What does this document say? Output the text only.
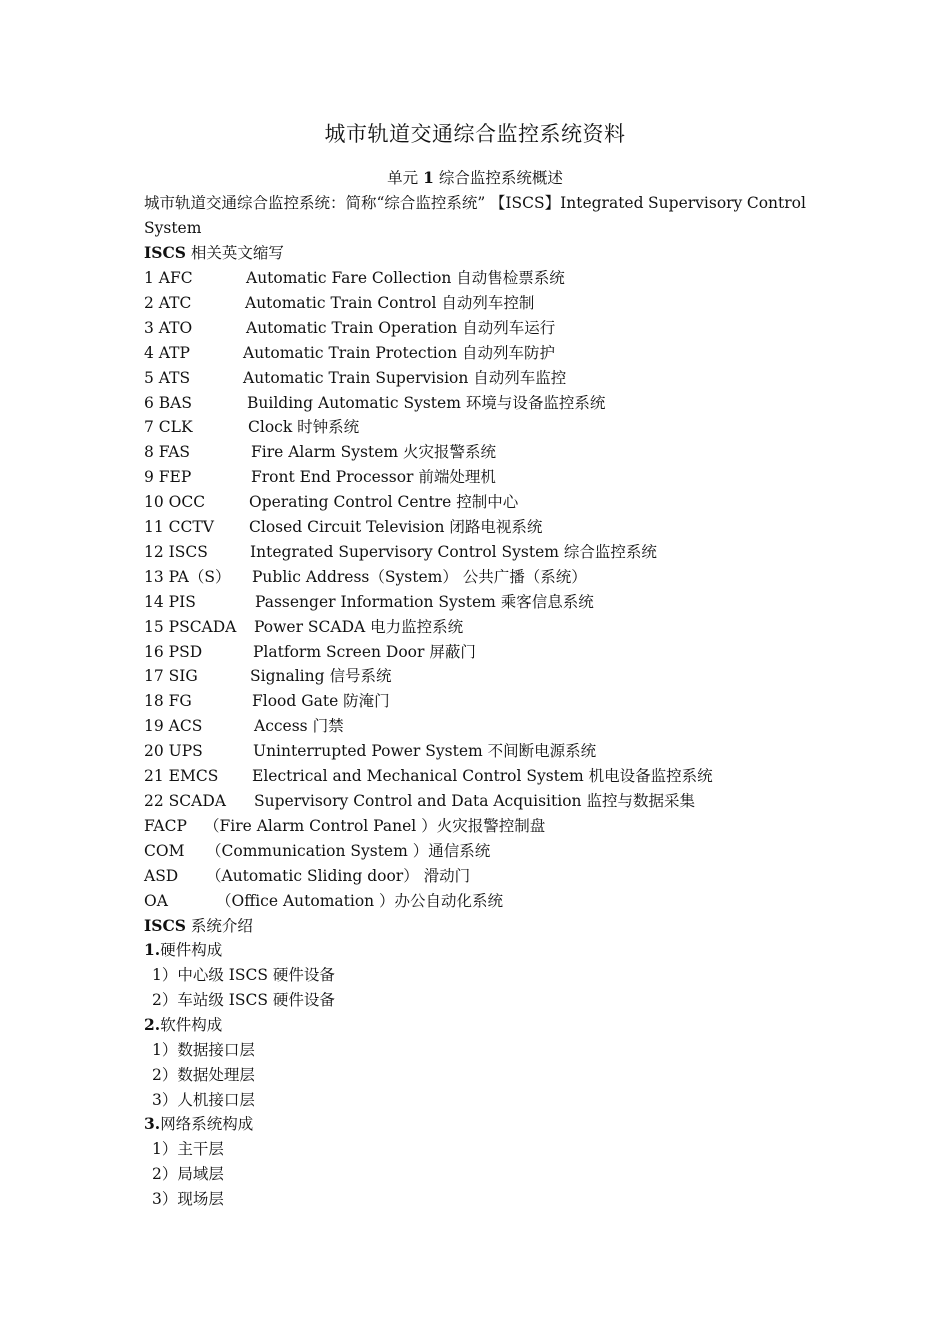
城市轨道交通综合监控系统资料
单元 1 综合监控系统概述
城市轨道交通综合监控系统：简称“综合监控系统” 【ISCS】Integrated Supervisory Control
System
ISCS 相关英文缩写
1 AFC	Automatic Fare Collection 自动售检票系统
2 ATC	Automatic Train Control 自动列车控制
3 ATO	Automatic Train Operation 自动列车运行
4 ATP	Automatic Train Protection 自动列车防护
5 ATS	Automatic Train Supervision 自动列车监控
6 BAS	Building Automatic System 环境与设备监控系统
7 CLK	Clock 时钟系统
8 FAS	Fire Alarm System 火灾报警系统
9 FEP	Front End Processor 前端处理机
10 OCC	Operating Control Centre 控制中心
11 CCTV Closed Circuit Television 闭路电视系统
12 ISCS	Integrated Supervisory Control System 综合监控系统
13 PA（S） Public Address（System） 公共广播（系统）
14 PIS	Passenger Information System 乘客信息系统
15 PSCADA Power SCADA 电力监控系统
16 PSD	Platform Screen Door 屏蔽门
17 SIG	Signaling 信号系统
18 FG	Flood Gate 防淹门
19 ACS	Access 门禁
20 UPS	Uninterrupted Power System 不间断电源系统
21 EMCS Electrical and Mechanical Control System 机电设备监控系统
22 SCADA Supervisory Control and Data Acquisition 监控与数据采集
FACP （Fire Alarm Control Panel ）火灾报警控制盘
COM （Communication System ）通信系统
ASD （Automatic Sliding door） 滑动门
OA	（Office Automation ）办公自动化系统
ISCS 系统介绍
1.硬件构成
1）中心级 ISCS 硬件设备
2）车站级 ISCS 硬件设备
2.软件构成
1）数据接口层
2）数据处理层
3）人机接口层
3.网络系统构成
1）主干层
2）局域层
3）现场层
